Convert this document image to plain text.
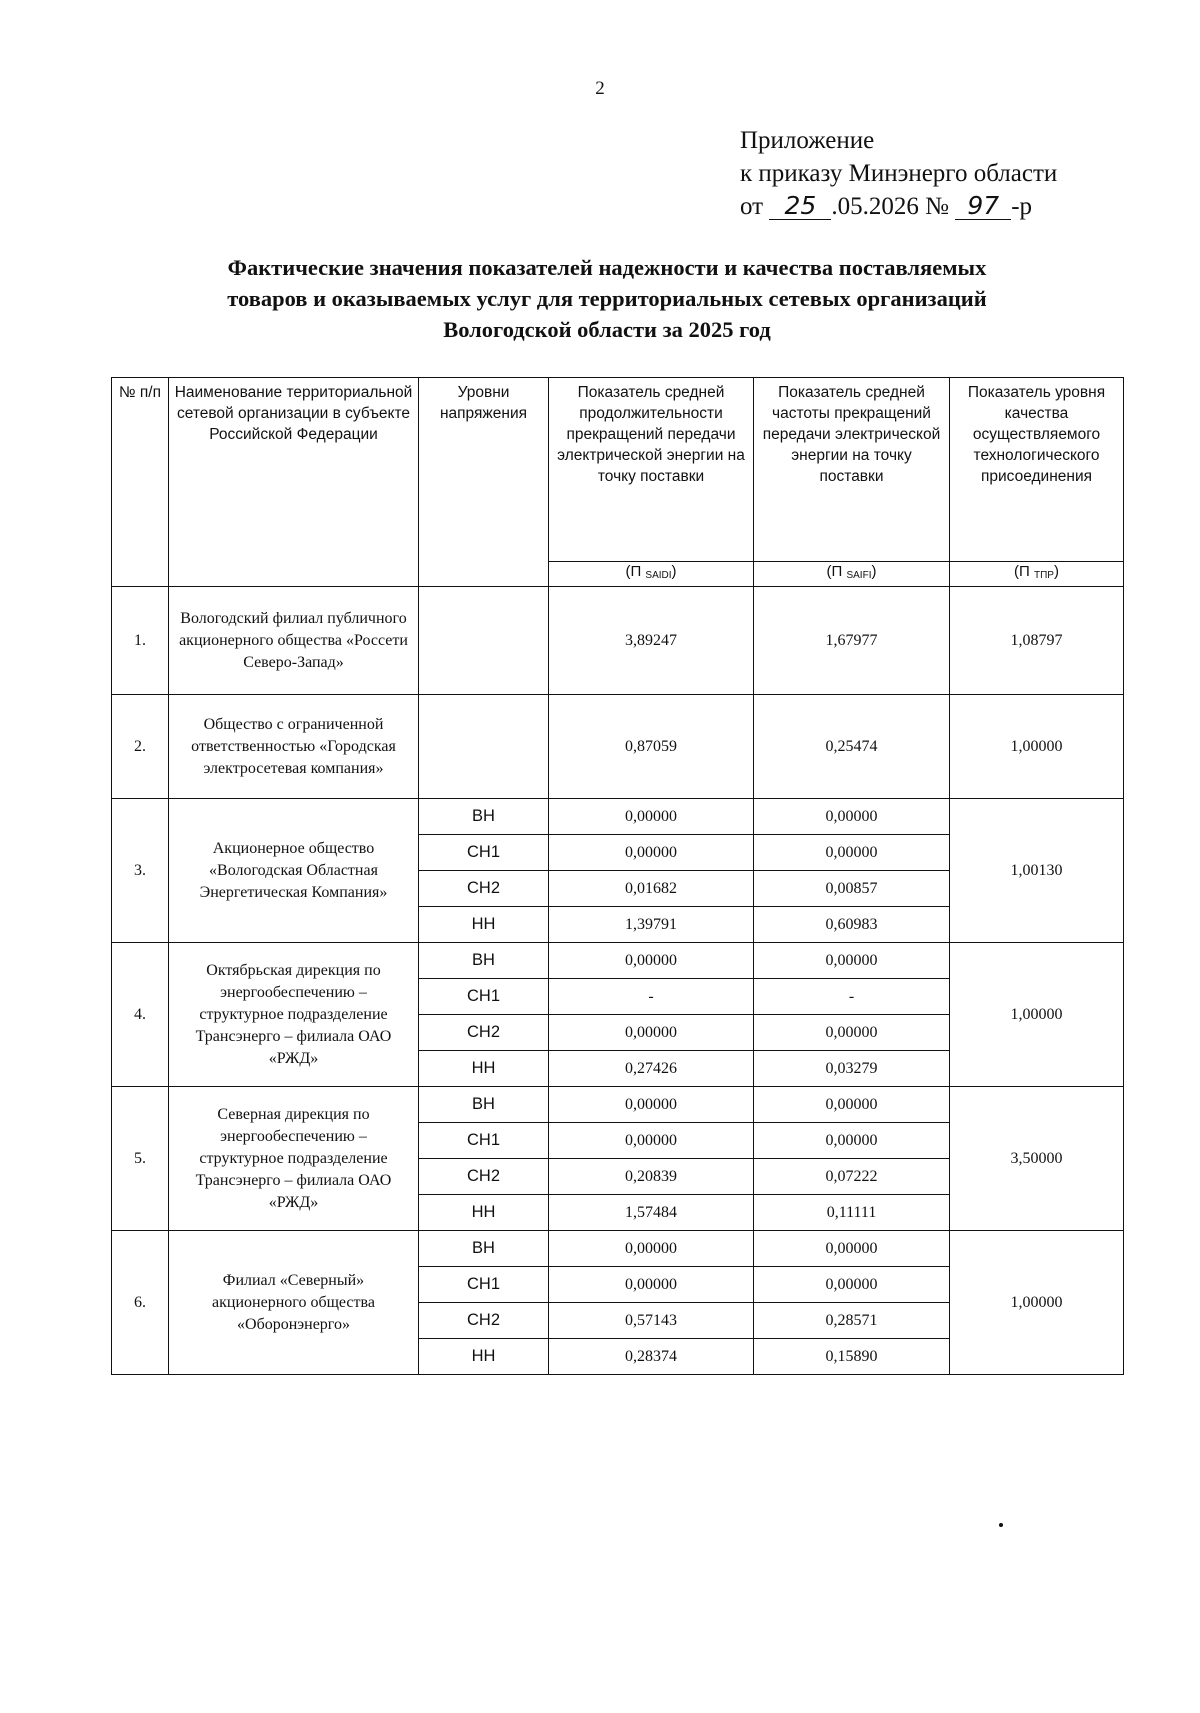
2
Приложение
к приказу Минэнерго области
от 25 .05.2026 № 97 -р
Фактические значения показателей надежности и качества поставляемых
товаров и оказываемых услуг для территориальных сетевых организаций
Вологодской области за 2025 год
№ п/п	Наименование территориальной сетевой организации в субъекте Российской Федерации	Уровни напряжения	Показатель средней продолжительности прекращений передачи электрической энергии на точку поставки	Показатель средней частоты прекращений передачи электрической энергии на точку поставки	Показатель уровня качества осуществляемого технологического присоединения
			(П $_{SAIDI}$)	(П $_{SAIFI}$)	(П $_{ТПР}$)
1.	Вологодский филиал публичного акционерного общества «Россети Северо-Запад»		3,89247	1,67977	1,08797
2.	Общество с ограниченной ответственностью «Городская электросетевая компания»		0,87059	0,25474	1,00000
3.	Акционерное общество «Вологодская Областная Энергетическая Компания»	ВН	0,00000	0,00000	1,00130
		СН1	0,00000	0,00000	
		СН2	0,01682	0,00857	
		НН	1,39791	0,60983	
4.	Октябрьская дирекция по энергообеспечению – структурное подразделение Трансэнерго – филиала ОАО «РЖД»	ВН	0,00000	0,00000	1,00000
		СН1	-	-	
		СН2	0,00000	0,00000	
		НН	0,27426	0,03279	
5.	Северная дирекция по энергообеспечению – структурное подразделение Трансэнерго – филиала ОАО «РЖД»	ВН	0,00000	0,00000	3,50000
		СН1	0,00000	0,00000	
		СН2	0,20839	0,07222	
		НН	1,57484	0,11111	
6.	Филиал «Северный» акционерного общества «Оборонэнерго»	ВН	0,00000	0,00000	1,00000
		СН1	0,00000	0,00000	
		СН2	0,57143	0,28571	
		НН	0,28374	0,15890	
